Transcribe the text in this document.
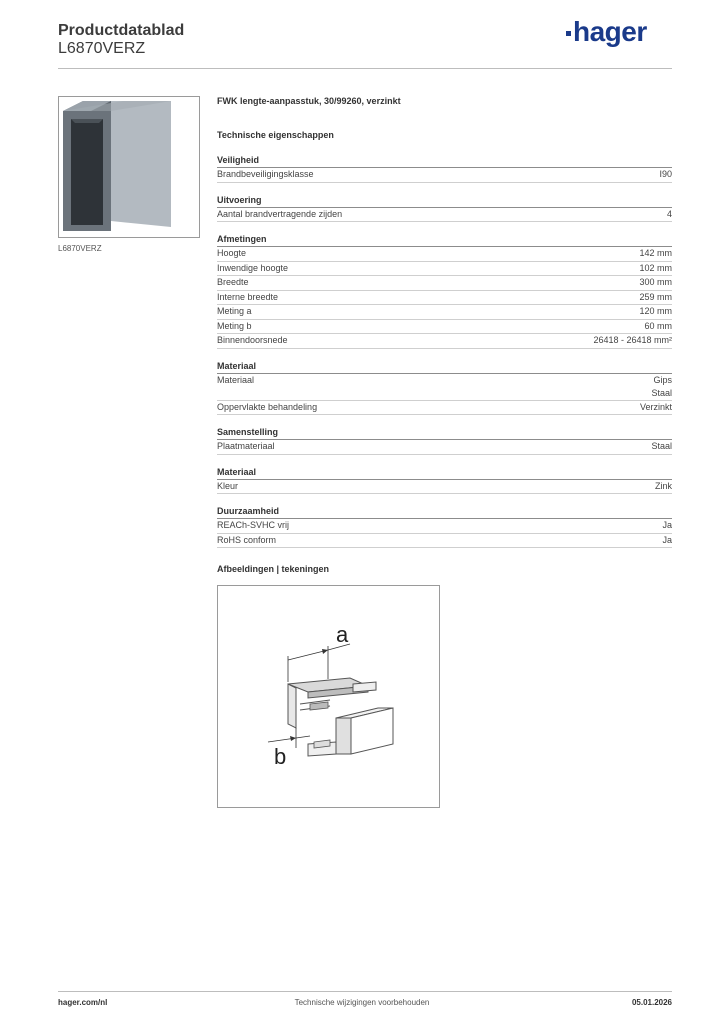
Productdatablad
L6870VERZ
hager
L6870VERZ
FWK lengte-aanpasstuk, 30/99260, verzinkt
Technische eigenschappen
Veiligheid
Brandbeveiligingsklasse	I90
Uitvoering
Aantal brandvertragende zijden	4
Afmetingen
Hoogte	142 mm
Inwendige hoogte	102 mm
Breedte	300 mm
Interne breedte	259 mm
Meting a	120 mm
Meting b	60 mm
Binnendoorsnede	26418 - 26418 mm²
Materiaal
Materiaal	Gips
Staal
Oppervlakte behandeling	Verzinkt
Samenstelling
Plaatmateriaal	Staal
Materiaal
Kleur	Zink
Duurzaamheid
REACh-SVHC vrij	Ja
RoHS conform	Ja
Afbeeldingen | tekeningen
a
b
hager.com/nl	Technische wijzigingen voorbehouden	05.01.2026
